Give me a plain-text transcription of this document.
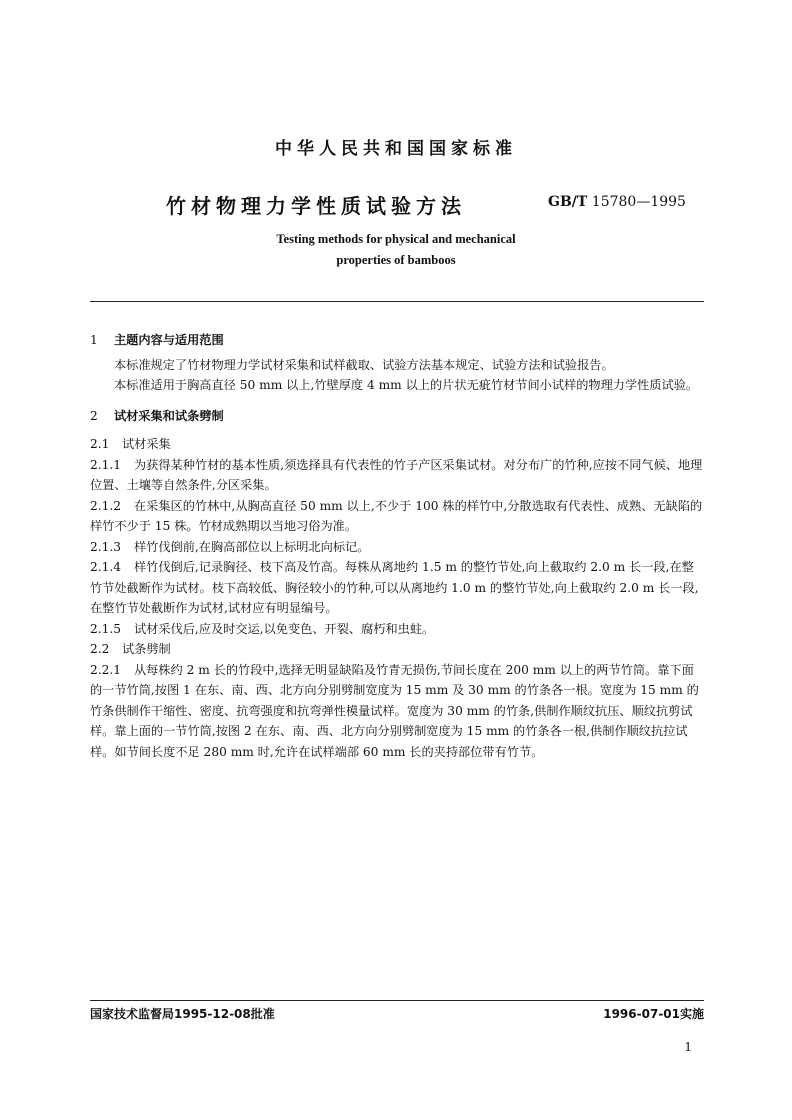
中华人民共和国国家标准
竹材物理力学性质试验方法	GB/T 15780—1995
Testing methods for physical and mechanical
properties of bamboos

1 主题内容与适用范围

本标准规定了竹材物理力学试材采集和试样截取、试验方法基本规定、试验方法和试验报告。

本标准适用于胸高直径 50 mm 以上,竹壁厚度 4 mm 以上的片状无疵竹材节间小试样的物理力学性质试验。

2 试材采集和试条劈制

2.1 试材采集

2.1.1 为获得某种竹材的基本性质,须选择具有代表性的竹子产区采集试材。对分布广的竹种,应按不同气候、地理位置、土壤等自然条件,分区采集。

2.1.2 在采集区的竹林中,从胸高直径 50 mm 以上,不少于 100 株的样竹中,分散选取有代表性、成熟、无缺陷的样竹不少于 15 株。竹材成熟期以当地习俗为准。

2.1.3 样竹伐倒前,在胸高部位以上标明北向标记。

2.1.4 样竹伐倒后,记录胸径、枝下高及竹高。每株从离地约 1.5 m 的整竹节处,向上截取约 2.0 m 长一段,在整竹节处截断作为试材。枝下高较低、胸径较小的竹种,可以从离地约 1.0 m 的整竹节处,向上截取约 2.0 m 长一段,在整竹节处截断作为试材,试材应有明显编号。

2.1.5 试材采伐后,应及时交运,以免变色、开裂、腐朽和虫蛀。

2.2 试条劈制

2.2.1 从每株约 2 m 长的竹段中,选择无明显缺陷及竹青无损伤,节间长度在 200 mm 以上的两节竹筒。靠下面的一节竹筒,按图 1 在东、南、西、北方向分别劈制宽度为 15 mm 及 30 mm 的竹条各一根。宽度为 15 mm 的竹条供制作干缩性、密度、抗弯强度和抗弯弹性模量试样。宽度为 30 mm 的竹条,供制作顺纹抗压、顺纹抗剪试样。靠上面的一节竹筒,按图 2 在东、南、西、北方向分别劈制宽度为 15 mm 的竹条各一根,供制作顺纹抗拉试样。如节间长度不足 280 mm 时,允许在试样端部 60 mm 长的夹持部位带有竹节。

国家技术监督局1995-12-08批准	1996-07-01实施
1
